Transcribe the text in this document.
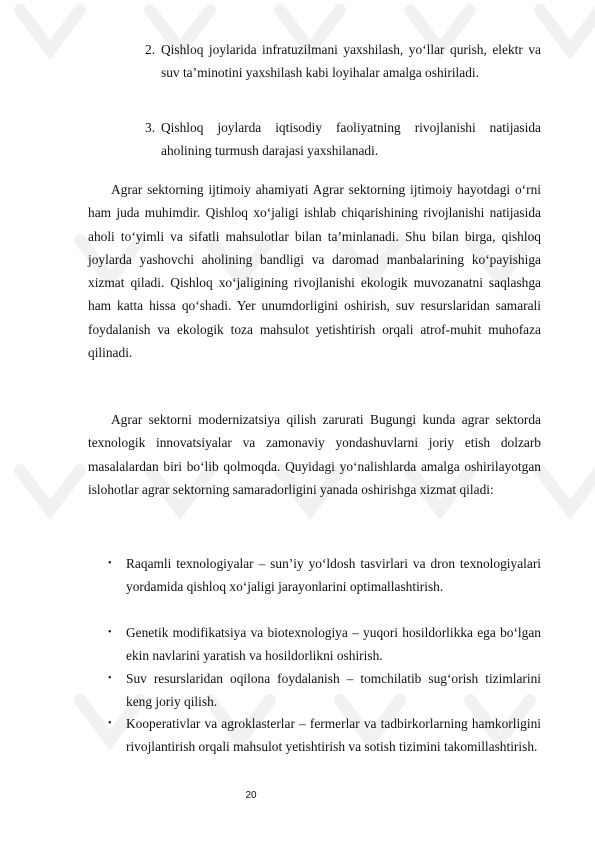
2. Qishloq joylarida infratuzilmani yaxshilash, yo‘llar qurish, elektr va suv ta’minotini yaxshilash kabi loyihalar amalga oshiriladi.
3. Qishloq joylarda iqtisodiy faoliyatning rivojlanishi natijasida aholining turmush darajasi yaxshilanadi.

Agrar sektorning ijtimoiy ahamiyati Agrar sektorning ijtimoiy hayotdagi o‘rni ham juda muhimdir. Qishloq xo‘jaligi ishlab chiqarishining rivojlanishi natijasida aholi to‘yimli va sifatli mahsulotlar bilan ta’minlanadi. Shu bilan birga, qishloq joylarda yashovchi aholining bandligi va daromad manbalarining ko‘payishiga xizmat qiladi. Qishloq xo‘jaligining rivojlanishi ekologik muvozanatni saqlashga ham katta hissa qo‘shadi. Yer unumdorligini oshirish, suv resurslaridan samarali foydalanish va ekologik toza mahsulot yetishtirish orqali atrof-muhit muhofaza qilinadi.

Agrar sektorni modernizatsiya qilish zarurati Bugungi kunda agrar sektorda texnologik innovatsiyalar va zamonaviy yondashuvlarni joriy etish dolzarb masalalardan biri bo‘lib qolmoqda. Quyidagi yo‘nalishlarda amalga oshirilayotgan islohotlar agrar sektorning samaradorligini yanada oshirishga xizmat qiladi:

•	Raqamli texnologiyalar – sun’iy yo‘ldosh tasvirlari va dron texnologiyalari yordamida qishloq xo‘jaligi jarayonlarini optimallashtirish.
•	Genetik modifikatsiya va biotexnologiya – yuqori hosildorlikka ega bo‘lgan ekin navlarini yaratish va hosildorlikni oshirish.
•	Suv resurslaridan oqilona foydalanish – tomchilatib sug‘orish tizimlarini keng joriy qilish.
•	Kooperativlar va agroklasterlar – fermerlar va tadbirkorlarning hamkorligini rivojlantirish orqali mahsulot yetishtirish va sotish tizimini takomillashtirish.
20
